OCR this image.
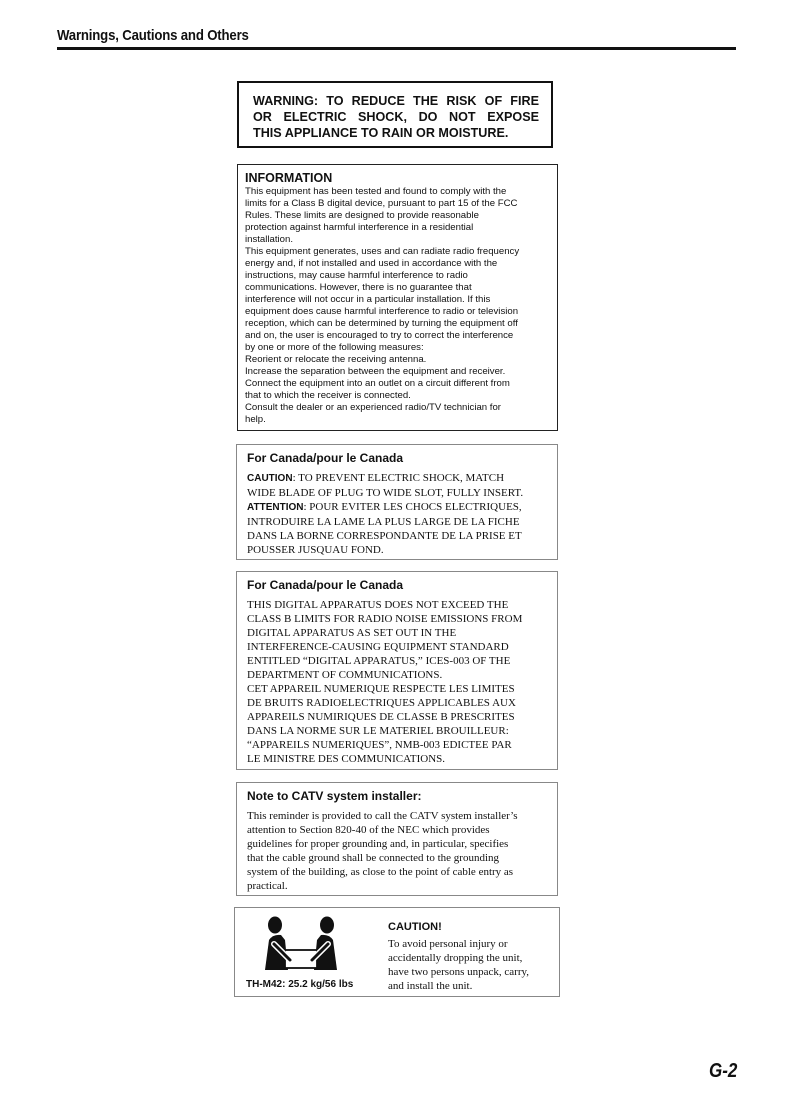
Warnings, Cautions and Others

WARNING: TO REDUCE THE RISK OF FIRE

OR ELECTRIC SHOCK, DO NOT EXPOSE

THIS APPLIANCE TO RAIN OR MOISTURE.

INFORMATION
This equipment has been tested and found to comply with the
limits for a Class B digital device, pursuant to part 15 of the FCC
Rules. These limits are designed to provide reasonable
protection against harmful interference in a residential
installation.
This equipment generates, uses and can radiate radio frequency
energy and, if not installed and used in accordance with the
instructions, may cause harmful interference to radio
communications. However, there is no guarantee that
interference will not occur in a particular installation. If this
equipment does cause harmful interference to radio or television
reception, which can be determined by turning the equipment off
and on, the user is encouraged to try to correct the interference
by one or more of the following measures:
Reorient or relocate the receiving antenna.
Increase the separation between the equipment and receiver.
Connect the equipment into an outlet on a circuit different from
that to which the receiver is connected.
Consult the dealer or an experienced radio/TV technician for
help.
For Canada/pour le Canada
CAUTION: TO PREVENT ELECTRIC SHOCK, MATCH
WIDE BLADE OF PLUG TO WIDE SLOT, FULLY INSERT.
ATTENTION: POUR EVITER LES CHOCS ELECTRIQUES,
INTRODUIRE LA LAME LA PLUS LARGE DE LA FICHE
DANS LA BORNE CORRESPONDANTE DE LA PRISE ET
POUSSER JUSQUAU FOND.
For Canada/pour le Canada
THIS DIGITAL APPARATUS DOES NOT EXCEED THE
CLASS B LIMITS FOR RADIO NOISE EMISSIONS FROM
DIGITAL APPARATUS AS SET OUT IN THE
INTERFERENCE-CAUSING EQUIPMENT STANDARD
ENTITLED “DIGITAL APPARATUS,” ICES-003 OF THE
DEPARTMENT OF COMMUNICATIONS.
CET APPAREIL NUMERIQUE RESPECTE LES LIMITES
DE BRUITS RADIOELECTRIQUES APPLICABLES AUX
APPAREILS NUMIRIQUES DE CLASSE B PRESCRITES
DANS LA NORME SUR LE MATERIEL BROUILLEUR:
“APPAREILS NUMERIQUES”, NMB-003 EDICTEE PAR
LE MINISTRE DES COMMUNICATIONS.
Note to CATV system installer:
This reminder is provided to call the CATV system installer’s
attention to Section 820-40 of the NEC which provides
guidelines for proper grounding and, in particular, specifies
that the cable ground shall be connected to the grounding
system of the building, as close to the point of cable entry as
practical.
TH-M42: 25.2 kg/56 lbs
CAUTION!
To avoid personal injury or
accidentally dropping the unit,
have two persons unpack, carry,
and install the unit.
G-2
